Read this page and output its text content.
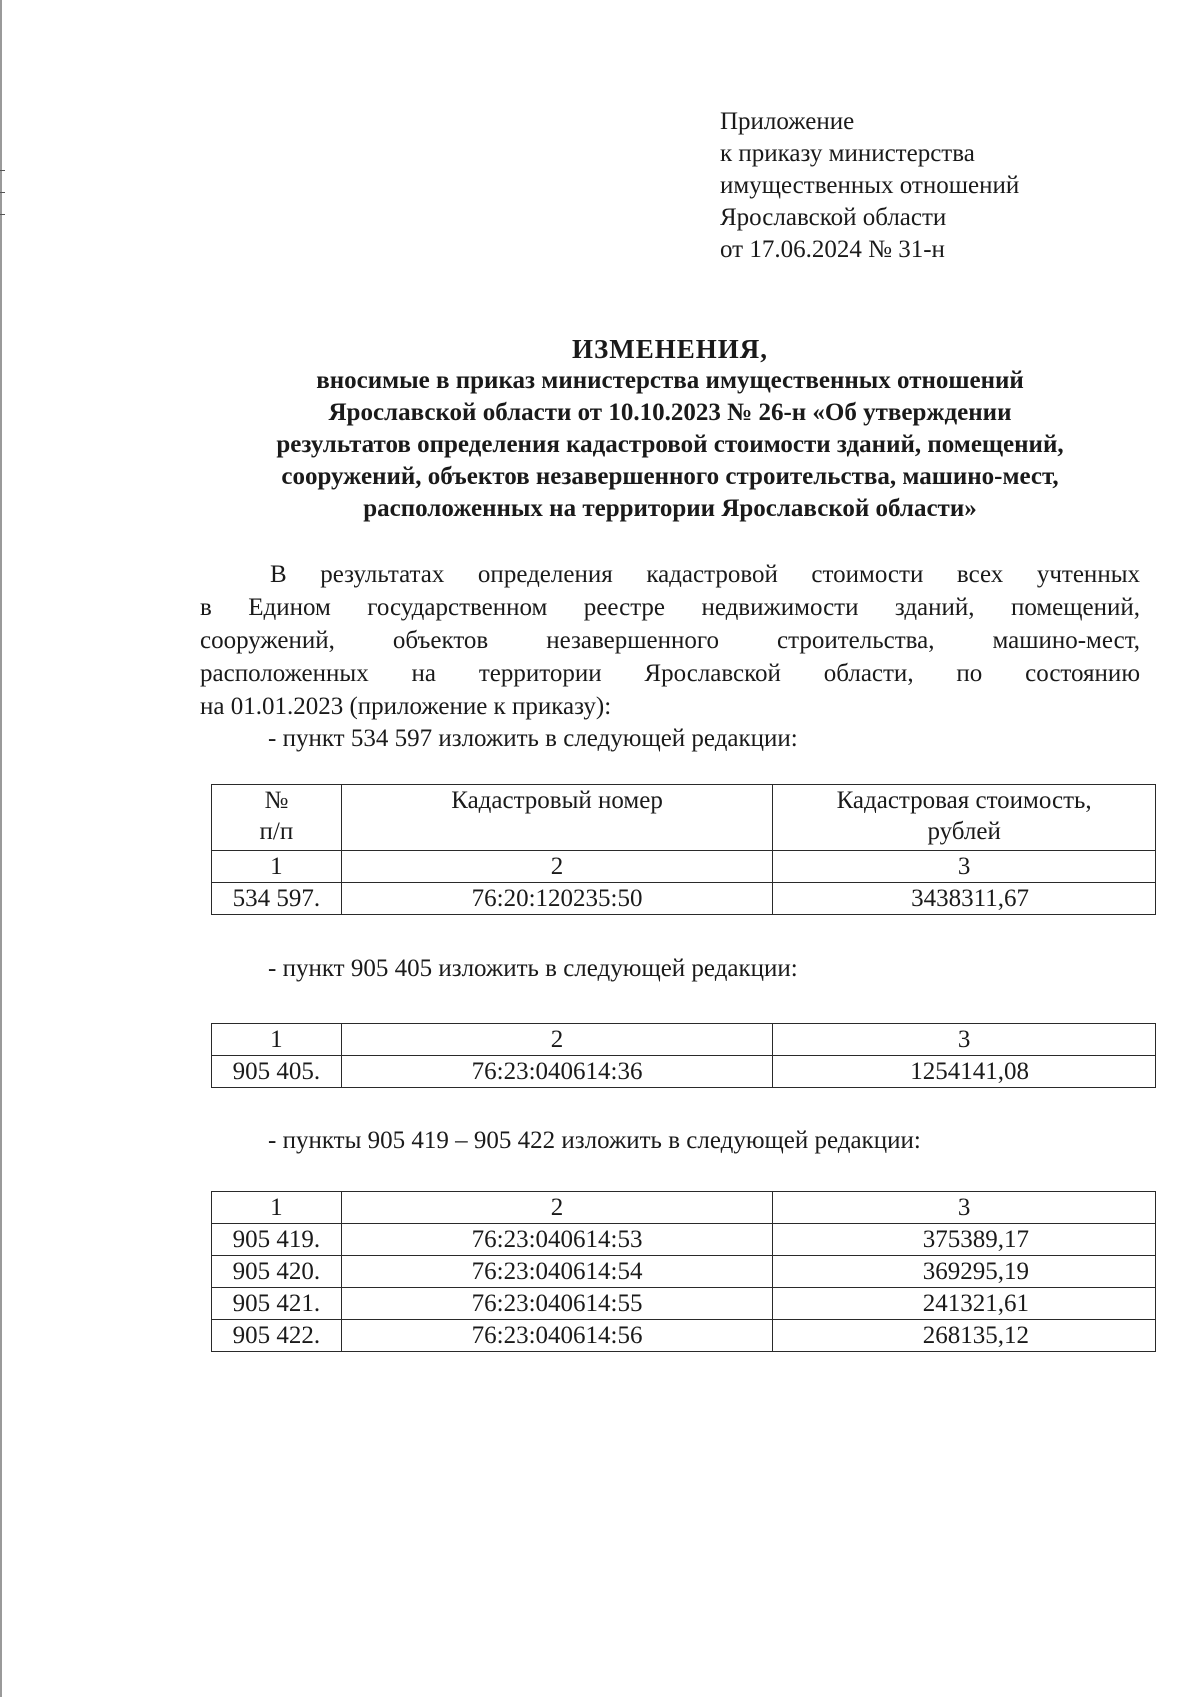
Приложение
к приказу министерства
имущественных отношений
Ярославской области
от 17.06.2024 № 31-н
ИЗМЕНЕНИЯ,
вносимые в приказ министерства имущественных отношений
Ярославской области от 10.10.2023 № 26-н «Об утверждении
результатов определения кадастровой стоимости зданий, помещений,
сооружений, объектов незавершенного строительства, машино-мест,
расположенных на территории Ярославской области»
В результатах определения кадастровой стоимости всех учтенных
в Едином государственном реестре недвижимости зданий, помещений,
сооружений, объектов незавершенного строительства, машино-мест,
расположенных на территории Ярославской области, по состоянию
на 01.01.2023 (приложение к приказу):
- пункт 534 597 изложить в следующей редакции:
№
п/п	Кадастровый номер	Кадастровая стоимость,
рублей
1	2	3
534 597.	76:20:120235:50	3438311,67
- пункт 905 405 изложить в следующей редакции:
1	2	3
905 405.	76:23:040614:36	1254141,08
- пункты 905 419 – 905 422 изложить в следующей редакции:
1	2	3
905 419.	76:23:040614:53	375389,17
905 420.	76:23:040614:54	369295,19
905 421.	76:23:040614:55	241321,61
905 422.	76:23:040614:56	268135,12
